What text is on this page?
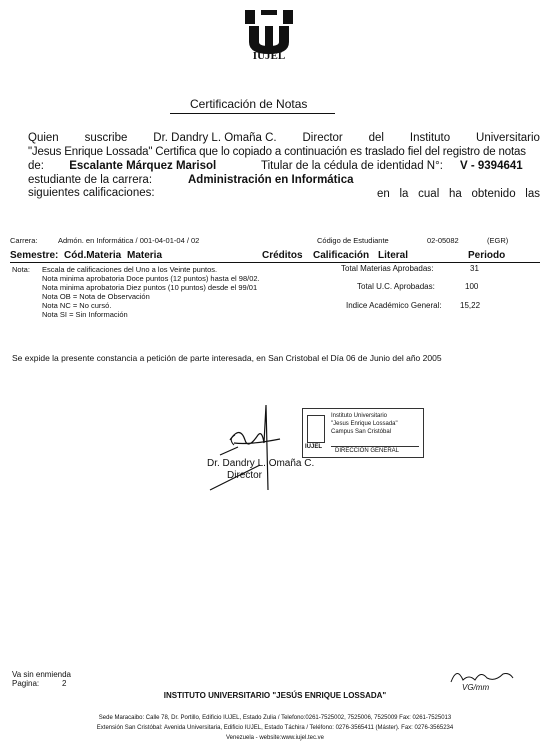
IUJEL
Certificación de Notas
Quien suscribe Dr. Dandry L. Omaña C. Director del Instituto Universitario
"Jesus Enrique Lossada" Certifica que lo copiado a continuación es traslado fiel del registro de notas
de: Escalante Márquez Marisol	Titular de la cédula de identidad N°: V - 9394641
estudiante de la carrera:	Administración en Informática
en la cual ha obtenido las
siguientes calificaciones:
Carrera:	Admón. en Informática / 001-04-01-04 / 02	Código de Estudiante	02-05082	(EGR)
Semestre: Cód.Materia Materia	Créditos Calificación Literal	Periodo
Nota: Escala de calificaciones del Uno a los Veinte puntos.
Nota minima aprobatoria Doce puntos (12 puntos) hasta el 98/02.
Nota minima aprobatoria Diez puntos (10 puntos) desde el 99/01
Nota OB = Nota de Observación
Nota NC = No cursó.
Nota SI = Sin Información
Total Materias Aprobadas:	31
Total U.C. Aprobadas:	100
Indice Académico General: 15,22
Se expide la presente constancia a petición de parte interesada, en San Cristobal el Día 06 de Junio del año 2005
Dr. Dandry L. Omaña C.
Director
IUJEL
Instituto Universitario
"Jesus Enrique Lossada"
Campus San Cristóbal
DIRECCIÓN GENERAL
Va sin enmienda
Pagina:	2	VG/mm
INSTITUTO UNIVERSITARIO "JESÚS ENRIQUE LOSSADA"
Sede Maracaibo: Calle 78, Dr. Portillo, Edificio IUJEL, Estado Zulia / Telefono:0261-7525002, 7525006, 7525009 Fax: 0261-7525013
Extensión San Cristóbal: Avenida Universitaria, Edificio IUJEL, Estado Táchira / Teléfono: 0276-3565411 (Máster). Fax: 0276-3565234
Venezuela - website:www.iujel.tec.ve
